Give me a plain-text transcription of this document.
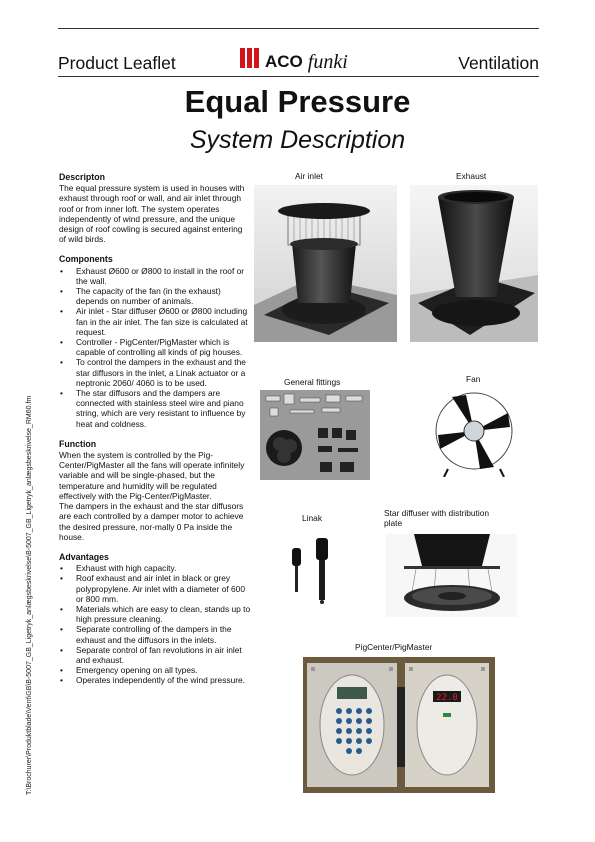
Product Leaflet	ACO funki	Ventilation
Equal Pressure
System Description
T:\Brochurer\Produktblade\Vent\GB\B-5007_GB_Ligetryk_anlægsbeskrivelse\B-5007_GB_Ligetryk_anlægsbeskrivelse_RM60.fm
Descripton

The equal pressure system is used in houses with exhaust through roof or wall, and air inlet through roof or from inner loft. The system operates independently of wind pressure, and the unique design of roof cowling is secured against entering of wild birds.

Components
• Exhaust Ø600 or Ø800 to install in the roof or the wall.
• The capacity of the fan (in the exhaust) depends on number of animals.
• Air inlet - Star diffuser Ø600 or Ø800 including fan in the air inlet. The fan size is calculated at request.
• Controller - PigCenter/PigMaster which is capable of controlling all kinds of pig houses.
• To control the dampers in the exhaust and the star diffusors in the inlet, a Linak actuator or a neptronic 2060/ 4060 is to be used.
• The star diffusors and the dampers are connected with stainless steel wire and piano string, which are very resistant to influence by heat and coldness.
Function

When the system is controlled by the Pig-Center/PigMaster all the fans will operate infinitely variable and will be single-phased, but the temperature and humidity will be regulated effectively with the Pig-Center/PigMaster.

The dampers in the exhaust and the star diffusors are each controlled by a damper motor to achieve the desired pressure, nor-mally 0 Pa inside the house.

Advantages
• Exhaust with high capacity.
• Roof exhaust and air inlet in black or grey polypropylene. Air inlet with a diameter of 600 or 800 mm.
• Materials which are easy to clean, stands up to high pressure cleaning.
• Separate controlling of the dampers in the exhaust and the diffusors in the inlets.
• Separate control of fan revolutions in air inlet and exhaust.
• Emergency opening on all types.
• Operates independently of the wind pressure.
Air inlet	Exhaust
General fittings	Fan
Linak	Star diffuser with distribution plate
PigCenter/PigMaster
22.0
